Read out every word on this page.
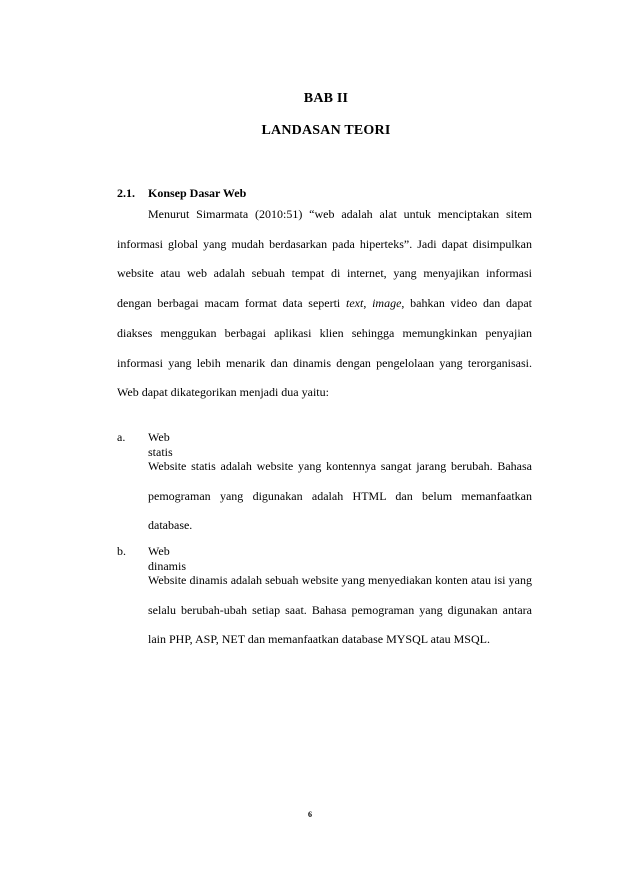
BAB II
LANDASAN TEORI
2.1. Konsep Dasar Web

Menurut Simarmata (2010:51) “web adalah alat untuk menciptakan sitem informasi global yang mudah berdasarkan pada hiperteks”. Jadi dapat disimpulkan website atau web adalah sebuah tempat di internet, yang menyajikan informasi dengan berbagai macam format data seperti text, image, bahkan video dan dapat diakses menggukan berbagai aplikasi klien sehingga memungkinkan penyajian informasi yang lebih menarik dan dinamis dengan pengelolaan yang terorganisasi. Web dapat dikategorikan menjadi dua yaitu:

a. Web statis

Website statis adalah website yang kontennya sangat jarang berubah. Bahasa pemograman yang digunakan adalah HTML dan belum memanfaatkan database.

b. Web dinamis

Website dinamis adalah sebuah website yang menyediakan konten atau isi yang selalu berubah-ubah setiap saat. Bahasa pemograman yang digunakan antara lain PHP, ASP, NET dan memanfaatkan database MYSQL atau MSQL.

6
